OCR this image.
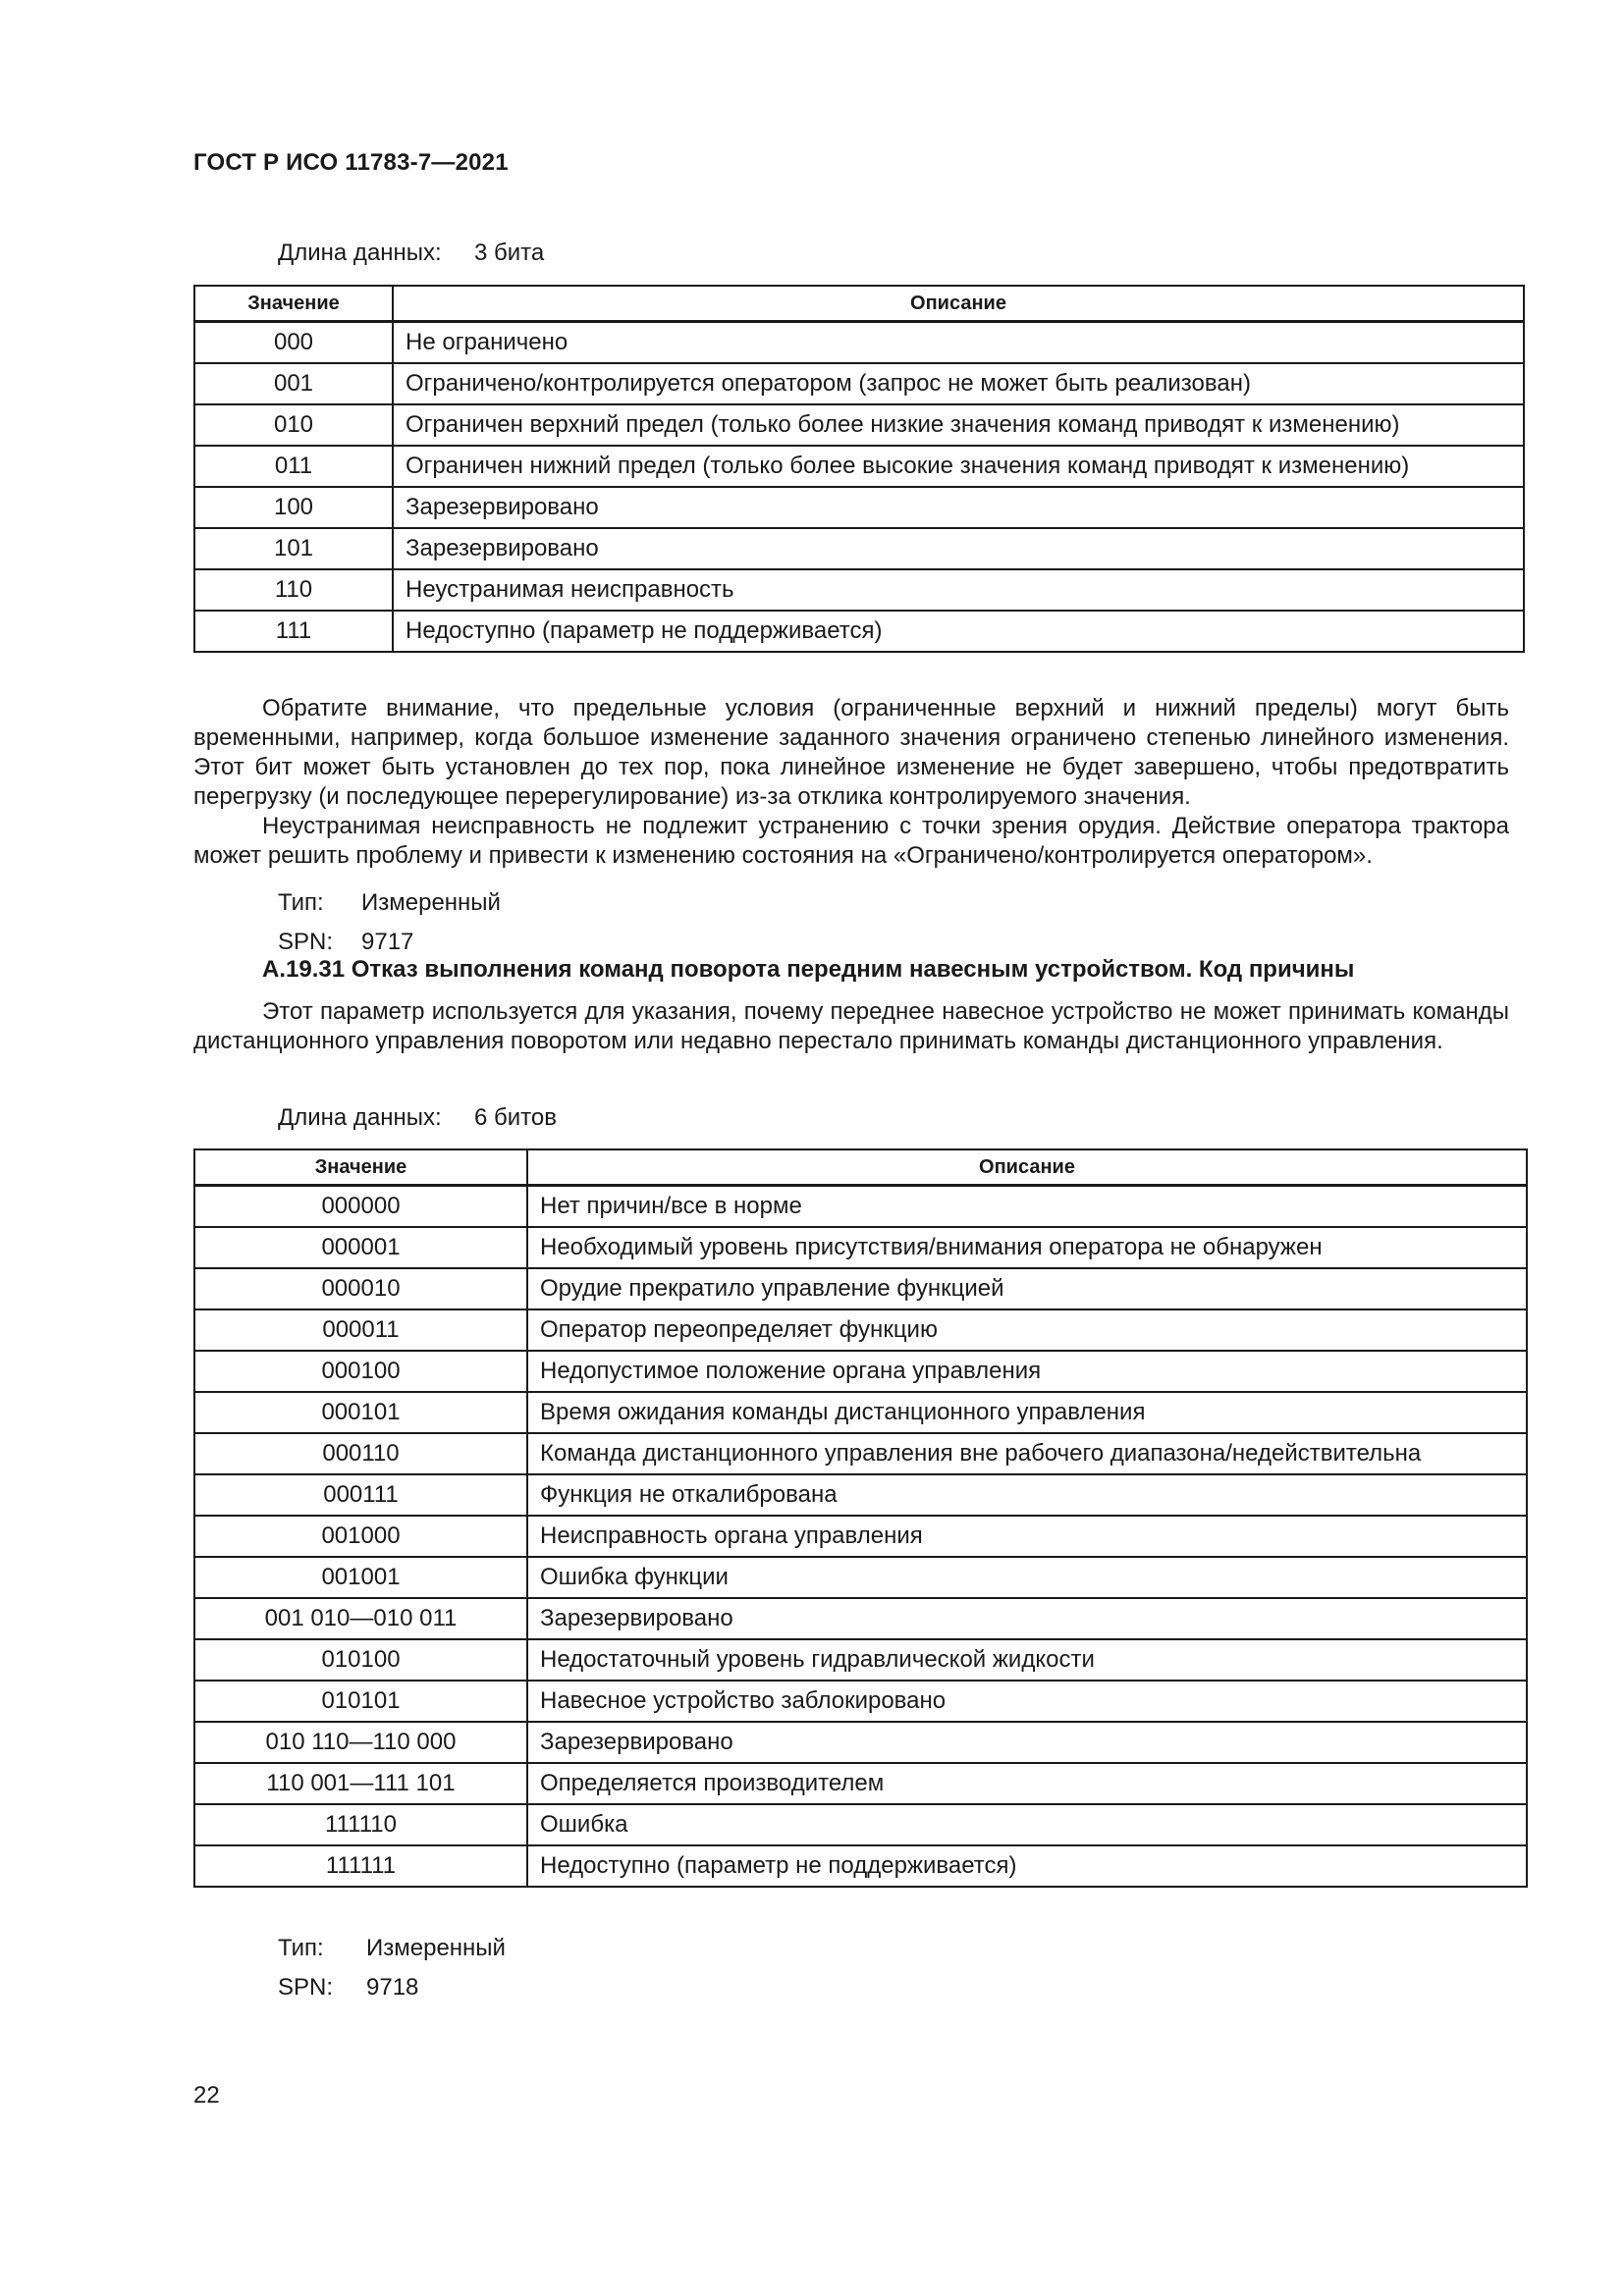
ГОСТ Р ИСО 11783-7—2021
Длина данных: 3 бита
Значение	Описание
000	Не ограничено
001	Ограничено/контролируется оператором (запрос не может быть реализован)
010	Ограничен верхний предел (только более низкие значения команд приводят к изменению)
011	Ограничен нижний предел (только более высокие значения команд приводят к изменению)
100	Зарезервировано
101	Зарезервировано
110	Неустранимая неисправность
111	Недоступно (параметр не поддерживается)

Обратите внимание, что предельные условия (ограниченные верхний и нижний пределы) могут быть временными, например, когда большое изменение заданного значения ограничено степенью линейного изменения. Этот бит может быть установлен до тех пор, пока линейное изменение не будет завершено, чтобы предотвратить перегрузку (и последующее перерегулирование) из-за отклика контролируемого значения.

Неустранимая неисправность не подлежит устранению с точки зрения орудия. Действие оператора трактора может решить проблему и привести к изменению состояния на «Ограничено/контролируется оператором».

Тип: Измеренный
SPN: 9717
А.19.31 Отказ выполнения команд поворота передним навесным устройством. Код причины

Этот параметр используется для указания, почему переднее навесное устройство не может принимать команды дистанционного управления поворотом или недавно перестало принимать команды дистанционного управления.

Длина данных: 6 битов
Значение	Описание
000000	Нет причин/все в норме
000001	Необходимый уровень присутствия/внимания оператора не обнаружен
000010	Орудие прекратило управление функцией
000011	Оператор переопределяет функцию
000100	Недопустимое положение органа управления
000101	Время ожидания команды дистанционного управления
000110	Команда дистанционного управления вне рабочего диапазона/недействительна
000111	Функция не откалибрована
001000	Неисправность органа управления
001001	Ошибка функции
001 010—010 011	Зарезервировано
010100	Недостаточный уровень гидравлической жидкости
010101	Навесное устройство заблокировано
010 110—110 000	Зарезервировано
110 001—111 101	Определяется производителем
111110	Ошибка
111111	Недоступно (параметр не поддерживается)
Тип: Измеренный
SPN: 9718
22
